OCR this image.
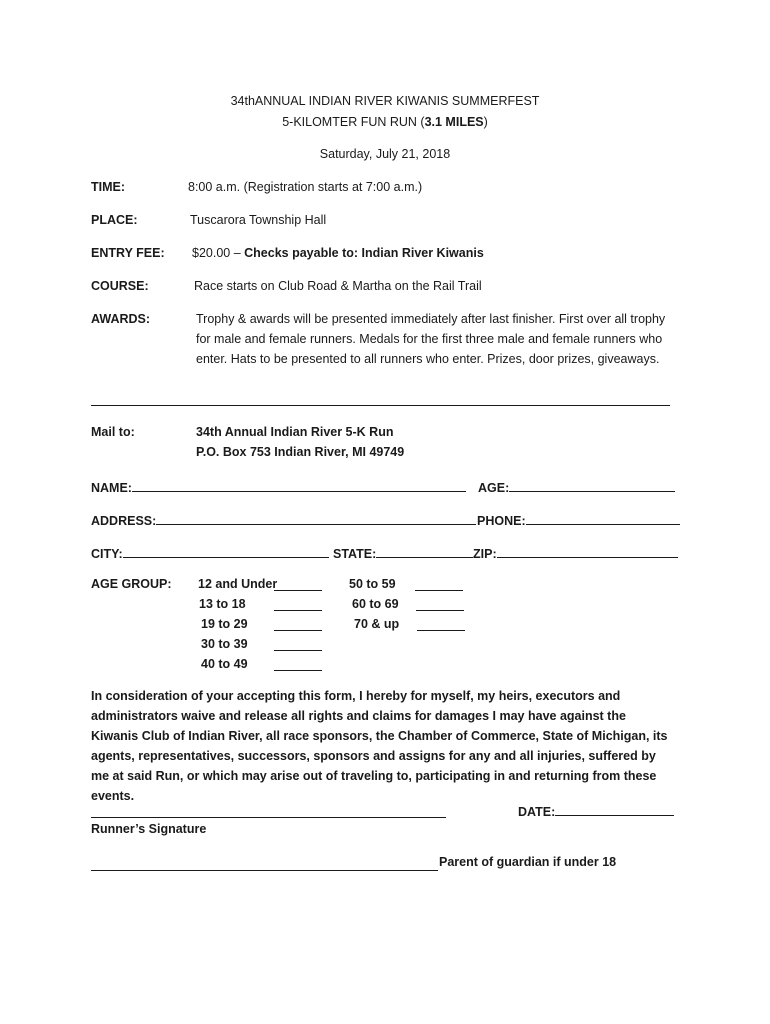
34thANNUAL INDIAN RIVER KIWANIS SUMMERFEST
5-KILOMTER FUN RUN (3.1 MILES)
Saturday, July 21, 2018
TIME:	8:00 a.m. (Registration starts at 7:00 a.m.)
PLACE:	Tuscarora Township Hall
ENTRY FEE: $20.00 – Checks payable to: Indian River Kiwanis
COURSE:	Race starts on Club Road & Martha on the Rail Trail
AWARDS:	Trophy & awards will be presented immediately after last finisher. First over all trophy for male and female runners. Medals for the first three male and female runners who enter. Hats to be presented to all runners who enter. Prizes, door prizes, giveaways.
Mail to:	34th Annual Indian River 5-K Run
P.O. Box 753 Indian River, MI 49749
NAME:	AGE:
ADDRESS:	PHONE:
CITY:	STATE:	ZIP:
AGE GROUP: 12 and Under
13 to 18
19 to 29
30 to 39
40 to 49
50 to 59
60 to 69
70 & up
In consideration of your accepting this form, I hereby for myself, my heirs, executors and administrators waive and release all rights and claims for damages I may have against the Kiwanis Club of Indian River, all race sponsors, the Chamber of Commerce, State of Michigan, its agents, representatives, successors, sponsors and assigns for any and all injuries, suffered by me at said Run, or which may arise out of traveling to, participating in and returning from these events.
DATE:
Runner’s Signature
Parent of guardian if under 18
